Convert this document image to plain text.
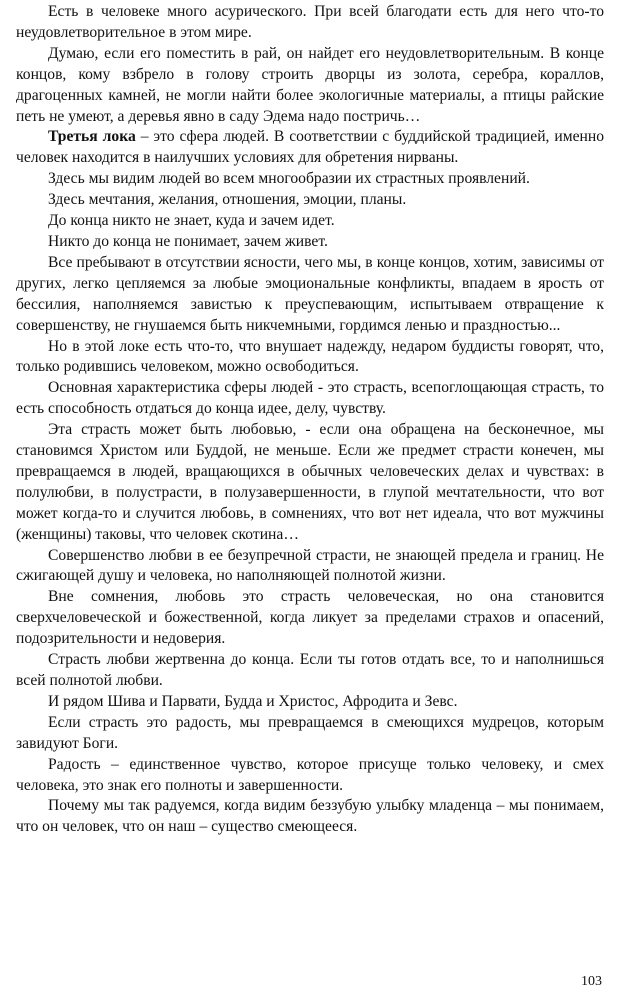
Есть в человеке много асурического. При всей благодати есть для него что-то неудовлетворительное в этом мире.

Думаю, если его поместить в рай, он найдет его неудовлетворительным. В конце концов, кому взбрело в голову строить дворцы из золота, серебра, кораллов, драгоценных камней, не могли найти более экологичные материалы, а птицы райские петь не умеют, а деревья явно в саду Эдема надо постричь…

Третья лока – это сфера людей. В соответствии с буддийской традицией, именно человек находится в наилучших условиях для обретения нирваны.

Здесь мы видим людей во всем многообразии их страстных проявлений.

Здесь мечтания, желания, отношения, эмоции, планы.

До конца никто не знает, куда и зачем идет.

Никто до конца не понимает, зачем живет.

Все пребывают в отсутствии ясности, чего мы, в конце концов, хотим, зависимы от других, легко цепляемся за любые эмоциональные конфликты, впадаем в ярость от бессилия, наполняемся завистью к преуспевающим, испытываем отвращение к совершенству, не гнушаемся быть никчемными, гордимся ленью и праздностью...

Но в этой локе есть что-то, что внушает надежду, недаром буддисты говорят, что, только родившись человеком, можно освободиться.

Основная характеристика сферы людей - это страсть, всепоглощающая страсть, то есть способность отдаться до конца идее, делу, чувству.

Эта страсть может быть любовью, - если она обращена на бесконечное, мы становимся Христом или Буддой, не меньше. Если же предмет страсти конечен, мы превращаемся в людей, вращающихся в обычных человеческих делах и чувствах: в полулюбви, в полустрасти, в полузавершенности, в глупой мечтательности, что вот может когда-то и случится любовь, в сомнениях, что вот нет идеала, что вот мужчины (женщины) таковы, что человек скотина…

Совершенство любви в ее безупречной страсти, не знающей предела и границ. Не сжигающей душу и человека, но наполняющей полнотой жизни.

Вне сомнения, любовь это страсть человеческая, но она становится сверхчеловеческой и божественной, когда ликует за пределами страхов и опасений, подозрительности и недоверия.

Страсть любви жертвенна до конца. Если ты готов отдать все, то и наполнишься всей полнотой любви.

И рядом Шива и Парвати, Будда и Христос, Афродита и Зевс.

Если страсть это радость, мы превращаемся в смеющихся мудрецов, которым завидуют Боги.

Радость – единственное чувство, которое присуще только человеку, и смех человека, это знак его полноты и завершенности.

Почему мы так радуемся, когда видим беззубую улыбку младенца – мы понимаем, что он человек, что он наш – существо смеющееся.

103
